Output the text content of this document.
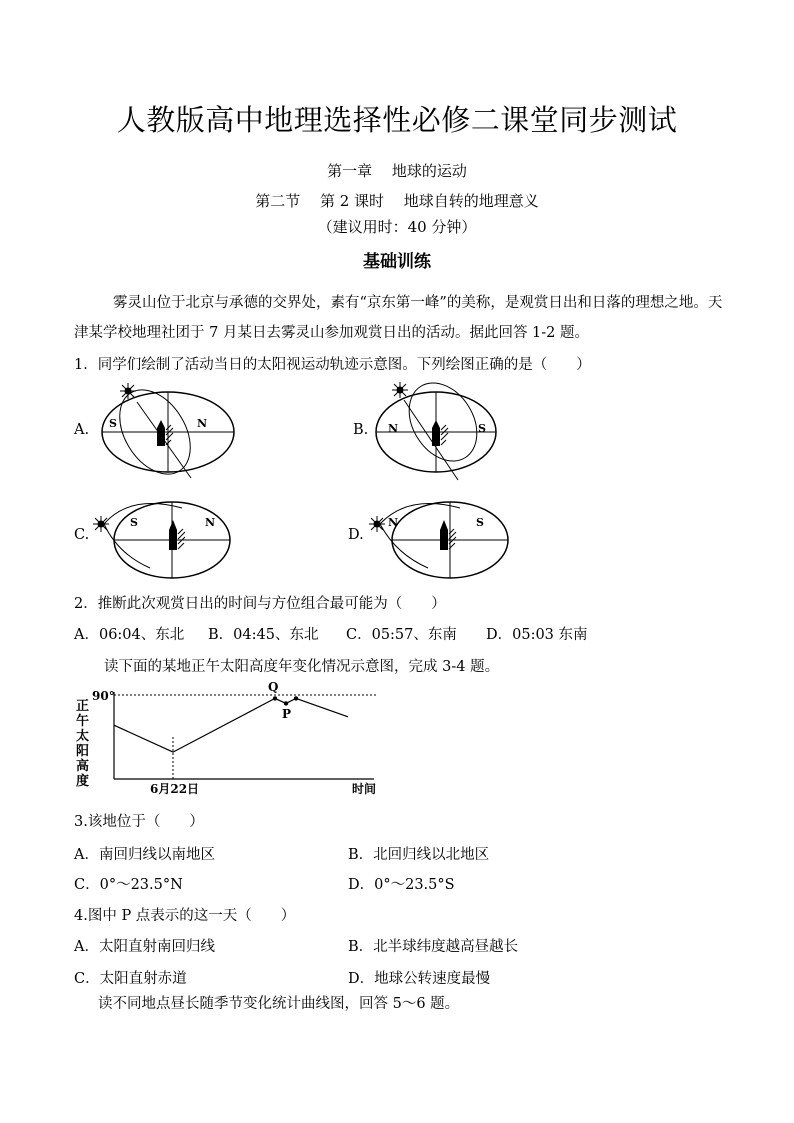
人教版高中地理选择性必修二课堂同步测试
第一章　 地球的运动
第二节　 第 2 课时　 地球自转的地理意义
（建议用时：40 分钟）
基础训练
雾灵山位于北京与承德的交界处，素有“京东第一峰”的美称，是观赏日出和日落的理想之地。天
津某学校地理社团于 7 月某日去雾灵山参加观赏日出的活动。据此回答 1-2 题。
1．同学们绘制了活动当日的太阳视运动轨迹示意图。下列绘图正确的是（　　）
A.	B.
C.	D.
S	N	N	S
S	N	N	S
2．推断此次观赏日出的时间与方位组合最可能为（　　）
A．06:04、东北 B．04:45、东北 C．05:57、东南 D．05:03 东南
读下面的某地正午太阳高度年变化情况示意图，完成 3-4 题。
正
午
太
阳
高
度
90°
6月22日	时间
Q
P
3.该地位于（　　）
A．南回归线以南地区	B．北回归线以北地区
C．0°～23.5°N	D．0°～23.5°S
4.图中 P 点表示的这一天（　　）
A．太阳直射南回归线	B．北半球纬度越高昼越长
C．太阳直射赤道	D．地球公转速度最慢
读不同地点昼长随季节变化统计曲线图，回答 5～6 题。
